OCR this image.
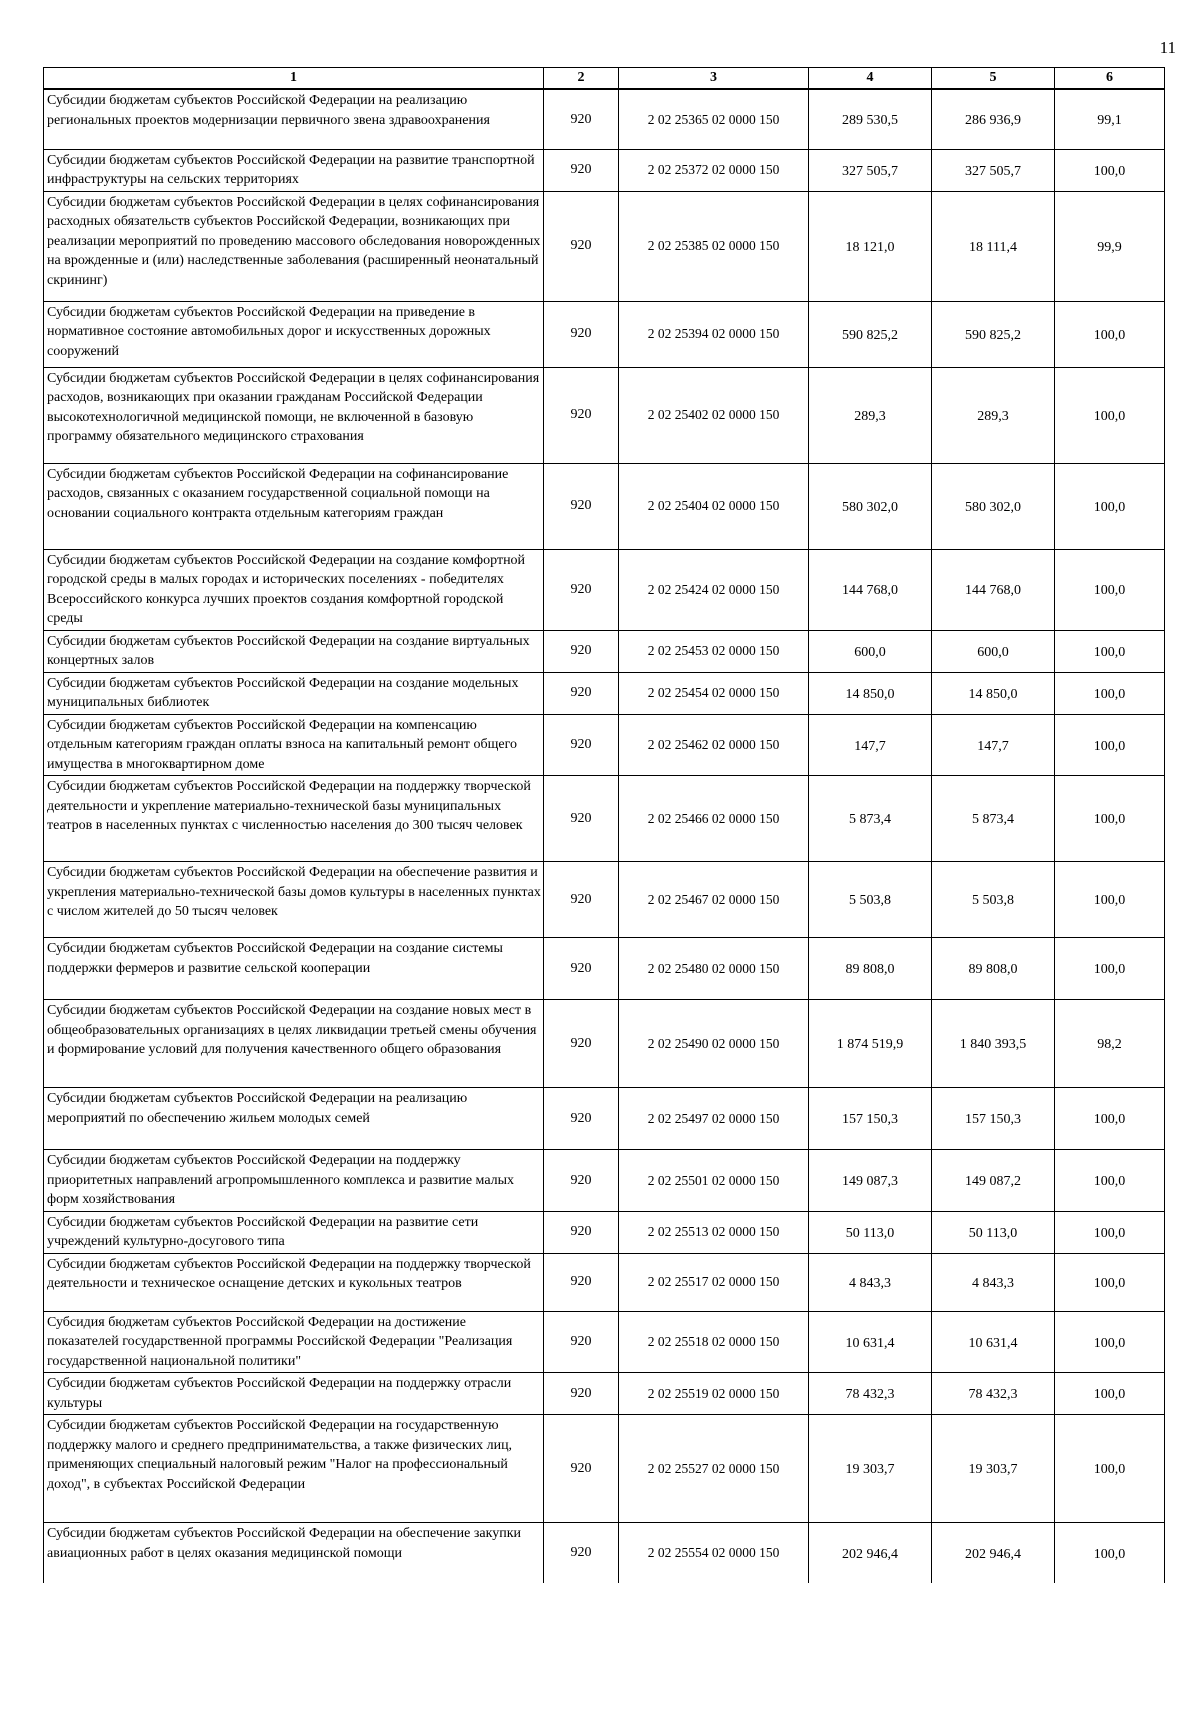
11
1	2	3	4	5	6
Субсидии бюджетам субъектов Российской Федерации на реализацию региональных проектов модернизации первичного звена здравоохранения	920	2 02 25365 02 0000 150	289 530,5	286 936,9	99,1
Субсидии бюджетам субъектов Российской Федерации на развитие транспортной инфраструктуры на сельских территориях	920	2 02 25372 02 0000 150	327 505,7	327 505,7	100,0
Субсидии бюджетам субъектов Российской Федерации в целях софинансирования расходных обязательств субъектов Российской Федерации, возникающих при реализации мероприятий по проведению массового обследования новорожденных на врожденные и (или) наследственные заболевания (расширенный неонатальный скрининг)	920	2 02 25385 02 0000 150	18 121,0	18 111,4	99,9
Субсидии бюджетам субъектов Российской Федерации на приведение в нормативное состояние автомобильных дорог и искусственных дорожных сооружений	920	2 02 25394 02 0000 150	590 825,2	590 825,2	100,0
Субсидии бюджетам субъектов Российской Федерации в целях софинансирования расходов, возникающих при оказании гражданам Российской Федерации высокотехнологичной медицинской помощи, не включенной в базовую программу обязательного медицинского страхования	920	2 02 25402 02 0000 150	289,3	289,3	100,0
Субсидии бюджетам субъектов Российской Федерации на софинансирование расходов, связанных с оказанием государственной социальной помощи на основании социального контракта отдельным категориям граждан	920	2 02 25404 02 0000 150	580 302,0	580 302,0	100,0
Субсидии бюджетам субъектов Российской Федерации на создание комфортной городской среды в малых городах и исторических поселениях - победителях Всероссийского конкурса лучших проектов создания комфортной городской среды	920	2 02 25424 02 0000 150	144 768,0	144 768,0	100,0
Субсидии бюджетам субъектов Российской Федерации на создание виртуальных концертных залов	920	2 02 25453 02 0000 150	600,0	600,0	100,0
Субсидии бюджетам субъектов Российской Федерации на создание модельных муниципальных библиотек	920	2 02 25454 02 0000 150	14 850,0	14 850,0	100,0
Субсидии бюджетам субъектов Российской Федерации на компенсацию отдельным категориям граждан оплаты взноса на капитальный ремонт общего имущества в многоквартирном доме	920	2 02 25462 02 0000 150	147,7	147,7	100,0
Субсидии бюджетам субъектов Российской Федерации на поддержку творческой деятельности и укрепление материально-технической базы муниципальных театров в населенных пунктах с численностью населения до 300 тысяч человек	920	2 02 25466 02 0000 150	5 873,4	5 873,4	100,0
Субсидии бюджетам субъектов Российской Федерации на обеспечение развития и укрепления материально-технической базы домов культуры в населенных пунктах с числом жителей до 50 тысяч человек	920	2 02 25467 02 0000 150	5 503,8	5 503,8	100,0
Субсидии бюджетам субъектов Российской Федерации на создание системы поддержки фермеров и развитие сельской кооперации	920	2 02 25480 02 0000 150	89 808,0	89 808,0	100,0
Субсидии бюджетам субъектов Российской Федерации на создание новых мест в общеобразовательных организациях в целях ликвидации третьей смены обучения и формирование условий для получения качественного общего образования	920	2 02 25490 02 0000 150	1 874 519,9	1 840 393,5	98,2
Субсидии бюджетам субъектов Российской Федерации на реализацию мероприятий по обеспечению жильем молодых семей	920	2 02 25497 02 0000 150	157 150,3	157 150,3	100,0
Субсидии бюджетам субъектов Российской Федерации на поддержку приоритетных направлений агропромышленного комплекса и развитие малых форм хозяйствования	920	2 02 25501 02 0000 150	149 087,3	149 087,2	100,0
Субсидии бюджетам субъектов Российской Федерации на развитие сети учреждений культурно-досугового типа	920	2 02 25513 02 0000 150	50 113,0	50 113,0	100,0
Субсидии бюджетам субъектов Российской Федерации на поддержку творческой деятельности и техническое оснащение детских и кукольных театров	920	2 02 25517 02 0000 150	4 843,3	4 843,3	100,0
Субсидия бюджетам субъектов Российской Федерации на достижение показателей государственной программы Российской Федерации "Реализация государственной национальной политики"	920	2 02 25518 02 0000 150	10 631,4	10 631,4	100,0
Субсидии бюджетам субъектов Российской Федерации на поддержку отрасли культуры	920	2 02 25519 02 0000 150	78 432,3	78 432,3	100,0
Субсидии бюджетам субъектов Российской Федерации на государственную поддержку малого и среднего предпринимательства, а также физических лиц, применяющих специальный налоговый режим "Налог на профессиональный доход", в субъектах Российской Федерации	920	2 02 25527 02 0000 150	19 303,7	19 303,7	100,0
Субсидии бюджетам субъектов Российской Федерации на обеспечение закупки авиационных работ в целях оказания медицинской помощи	920	2 02 25554 02 0000 150	202 946,4	202 946,4	100,0
